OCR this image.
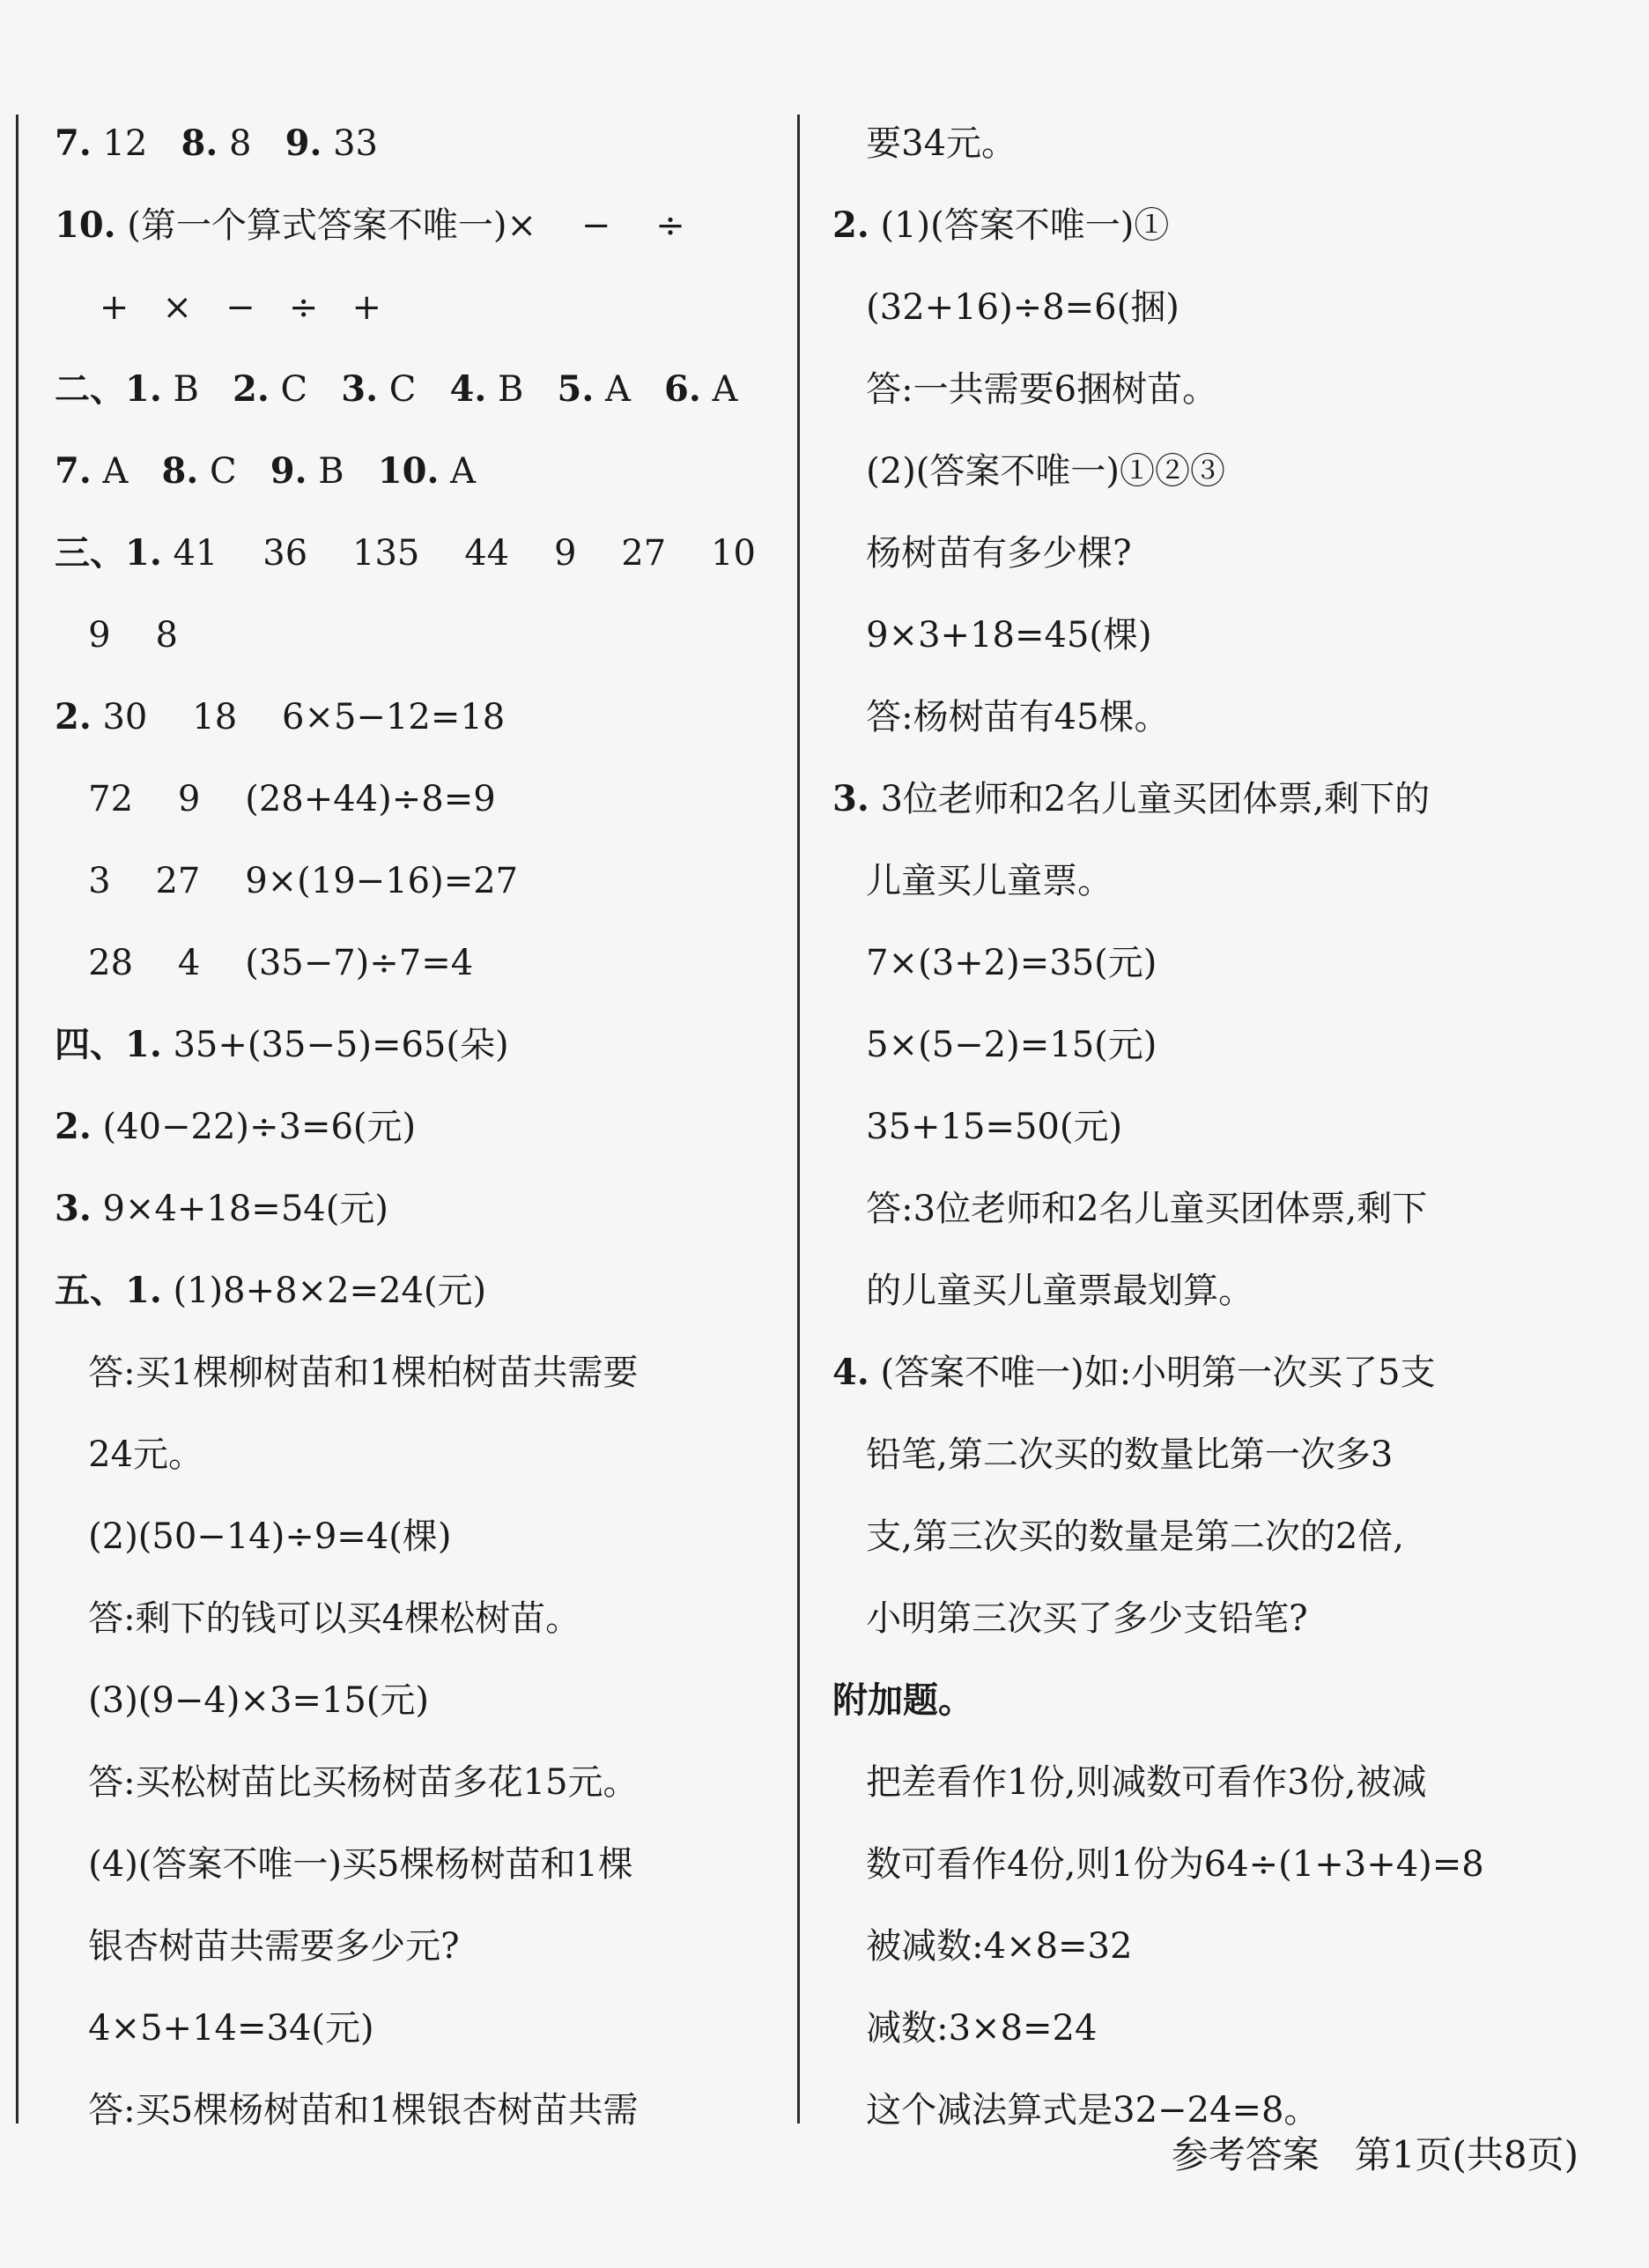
7. 12   8. 8   9. 33
10. (第一个算式答案不唯一)×    −    ÷
+   ×   −   ÷   +
二、1. B   2. C   3. C   4. B   5. A   6. A
7. A   8. C   9. B   10. A
三、1. 41    36    135    44    9    27    10
9    8
2. 30    18    6×5−12=18
72    9    (28+44)÷8=9
3    27    9×(19−16)=27
28    4    (35−7)÷7=4
四、1. 35+(35−5)=65(朵)
2. (40−22)÷3=6(元)
3. 9×4+18=54(元)
五、1. (1)8+8×2=24(元)
答:买1棵柳树苗和1棵柏树苗共需要
24元。
(2)(50−14)÷9=4(棵)
答:剩下的钱可以买4棵松树苗。
(3)(9−4)×3=15(元)
答:买松树苗比买杨树苗多花15元。
(4)(答案不唯一)买5棵杨树苗和1棵
银杏树苗共需要多少元?
4×5+14=34(元)
答:买5棵杨树苗和1棵银杏树苗共需
要34元。
2. (1)(答案不唯一)①
(32+16)÷8=6(捆)
答:一共需要6捆树苗。
(2)(答案不唯一)①②③
杨树苗有多少棵?
9×3+18=45(棵)
答:杨树苗有45棵。
3. 3位老师和2名儿童买团体票,剩下的
儿童买儿童票。
7×(3+2)=35(元)
5×(5−2)=15(元)
35+15=50(元)
答:3位老师和2名儿童买团体票,剩下
的儿童买儿童票最划算。
4. (答案不唯一)如:小明第一次买了5支
铅笔,第二次买的数量比第一次多3
支,第三次买的数量是第二次的2倍,
小明第三次买了多少支铅笔?
附加题。
把差看作1份,则减数可看作3份,被减
数可看作4份,则1份为64÷(1+3+4)=8
被减数:4×8=32
减数:3×8=24
这个减法算式是32−24=8。
参考答案   第1页(共8页)
